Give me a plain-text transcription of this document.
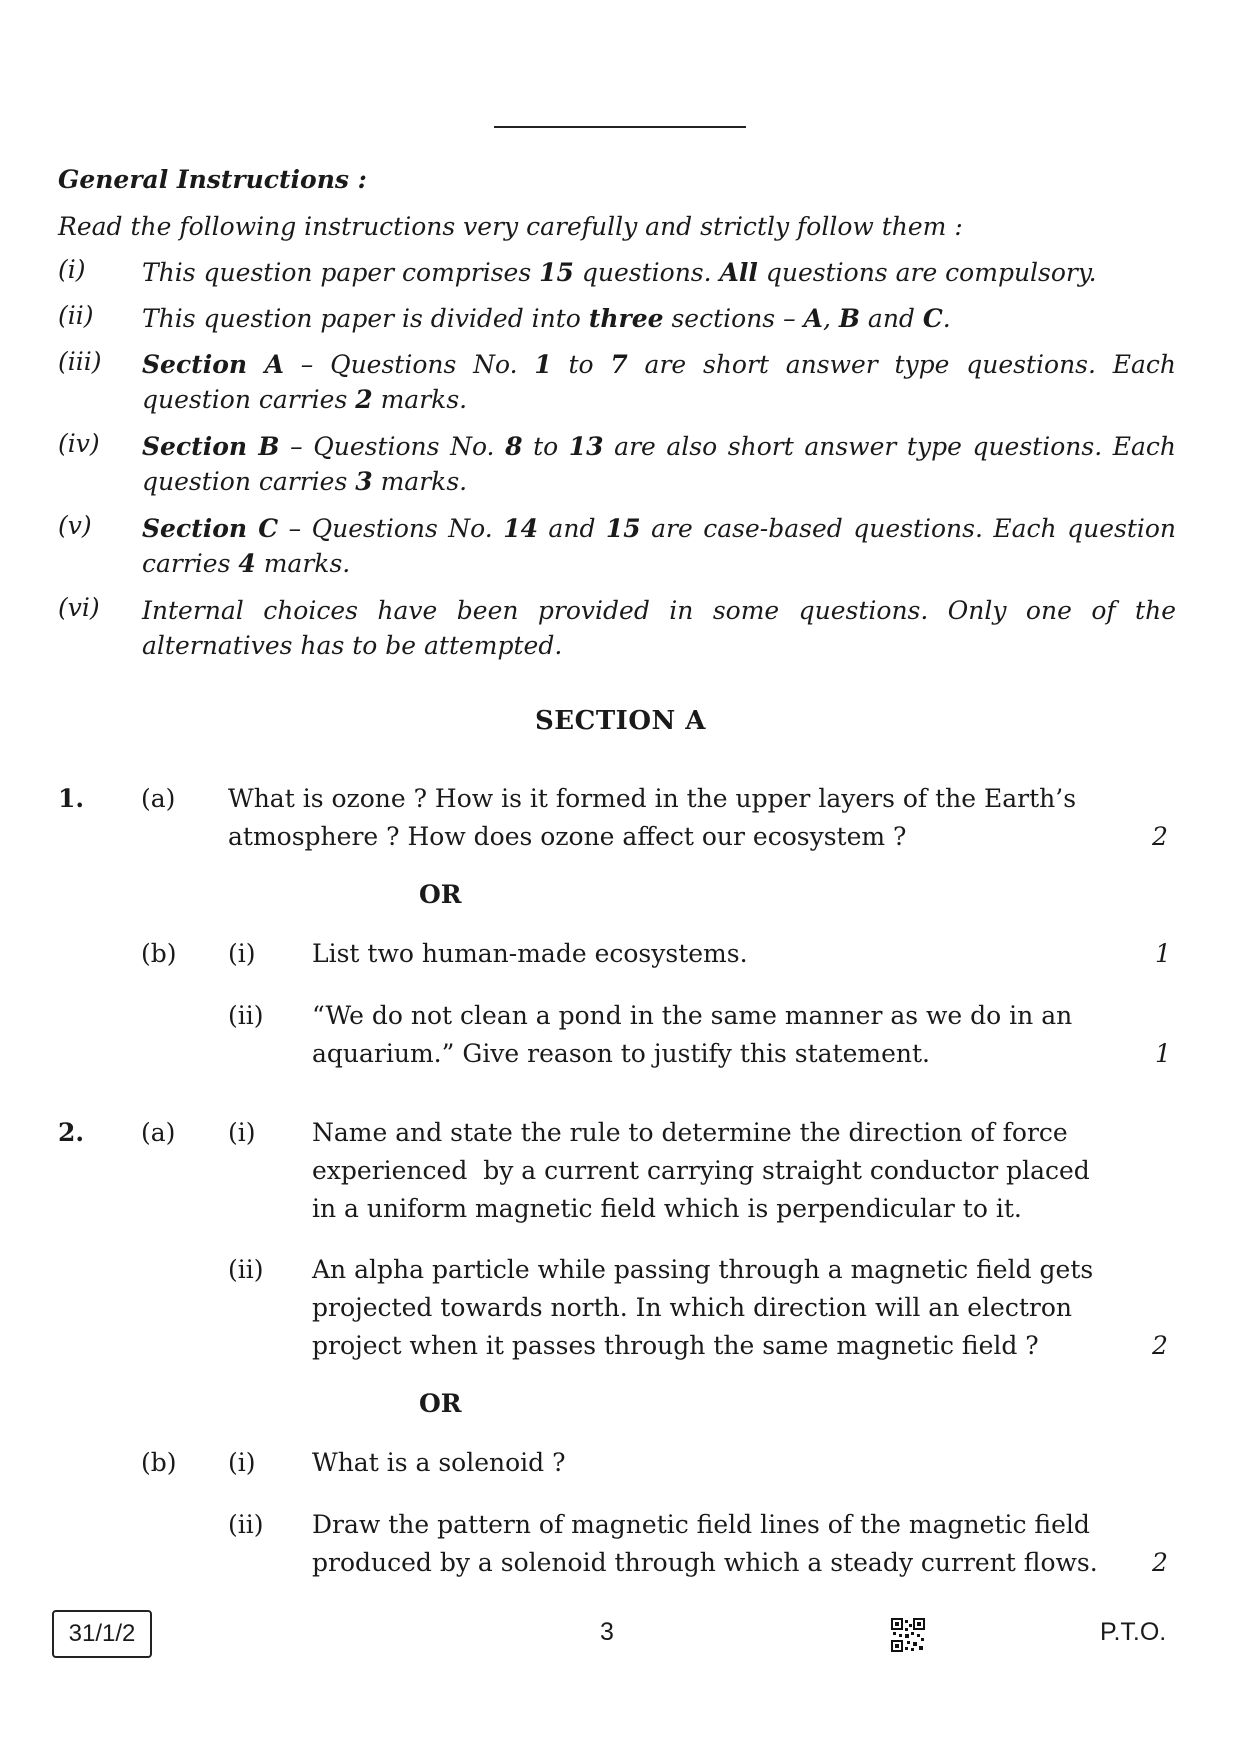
General Instructions :
Read the following instructions very carefully and strictly follow them :
(i) This question paper comprises 15 questions. All questions are compulsory.
(ii) This question paper is divided into three sections – A, B and C.
(iii) Section A – Questions No. 1 to 7 are short answer type questions. Each question carries 2 marks.
(iv) Section B – Questions No. 8 to 13 are also short answer type questions. Each question carries 3 marks.
(v) Section C – Questions No. 14 and 15 are case-based questions. Each question carries 4 marks.
(vi) Internal choices have been provided in some questions. Only one of the alternatives has to be attempted.
SECTION A
1. (a) What is ozone ? How is it formed in the upper layers of the Earth’s
atmosphere ? How does ozone affect our ecosystem ?	2
OR
(b) (i) List two human-made ecosystems.	1
(ii) “We do not clean a pond in the same manner as we do in an
aquarium.” Give reason to justify this statement.	1
2. (a) (i) Name and state the rule to determine the direction of force
experienced  by a current carrying straight conductor placed
in a uniform magnetic field which is perpendicular to it.
(ii) An alpha particle while passing through a magnetic field gets
projected towards north. In which direction will an electron
project when it passes through the same magnetic field ?	2
OR
(b) (i) What is a solenoid ?
(ii) Draw the pattern of magnetic field lines of the magnetic field
produced by a solenoid through which a steady current flows. 2
31/1/2	3	P.T.O.
